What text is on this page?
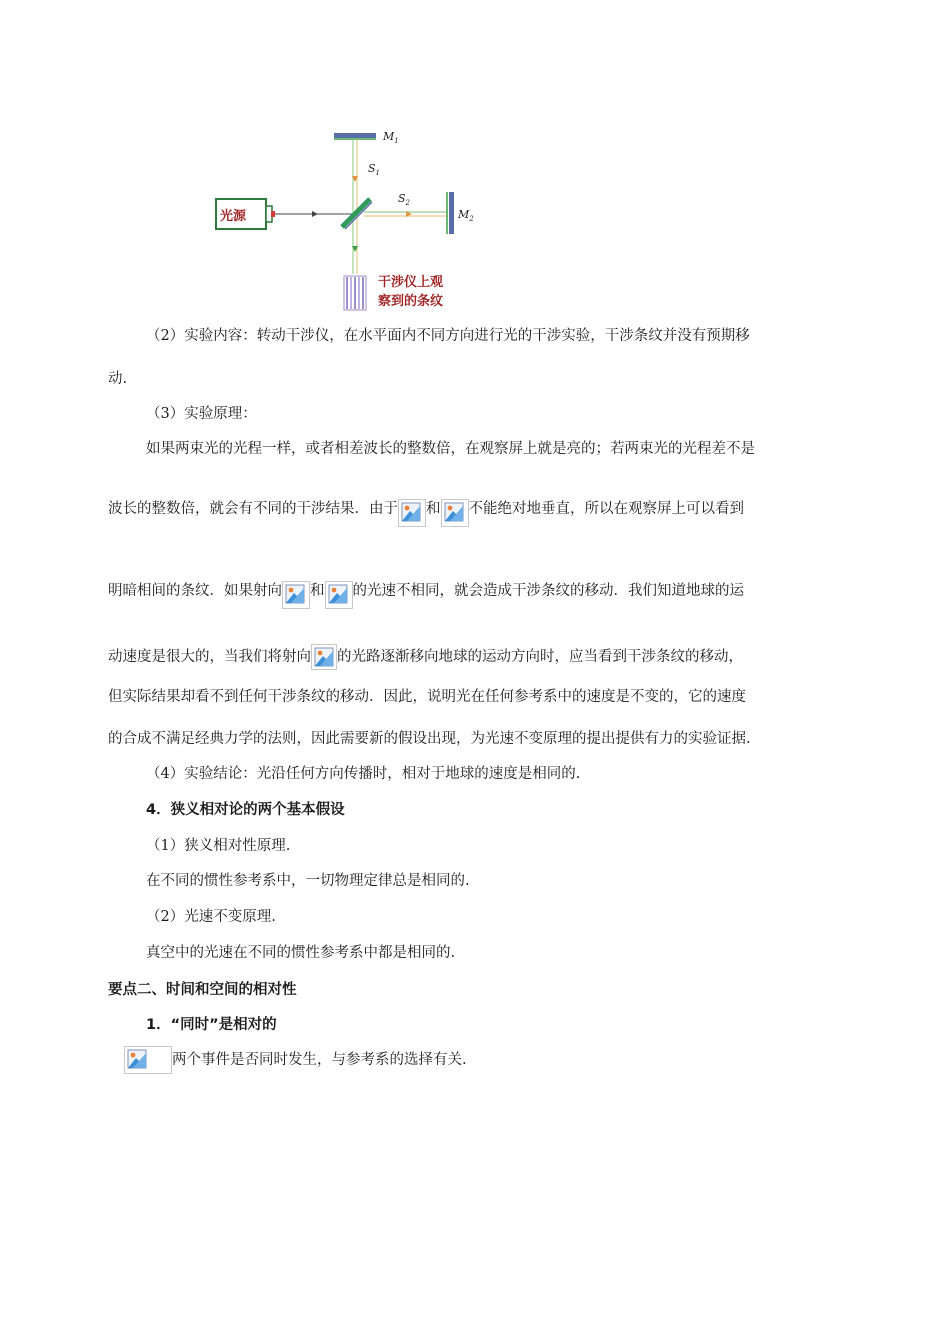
$M_1$
$S_1$
$S_2$
$M_2$
光源
干涉仪上观
察到的条纹
（2）实验内容：转动干涉仪，在水平面内不同方向进行光的干涉实验，干涉条纹并没有预期移
动.
（3）实验原理：
如果两束光的光程一样，或者相差波长的整数倍，在观察屏上就是亮的；若两束光的光程差不是
波长的整数倍，就会有不同的干涉结果．由于 和 不能绝对地垂直，所以在观察屏上可以看到
明暗相间的条纹．如果射向 和 的光速不相同，就会造成干涉条纹的移动．我们知道地球的运
动速度是很大的，当我们将射向 的光路逐渐移向地球的运动方向时，应当看到干涉条纹的移动，
但实际结果却看不到任何干涉条纹的移动．因此，说明光在任何参考系中的速度是不变的，它的速度
的合成不满足经典力学的法则，因此需要新的假设出现，为光速不变原理的提出提供有力的实验证据.
（4）实验结论：光沿任何方向传播时，相对于地球的速度是相同的.
4．狭义相对论的两个基本假设
（1）狭义相对性原理.
在不同的惯性参考系中，一切物理定律总是相同的.
（2）光速不变原理.
真空中的光速在不同的惯性参考系中都是相同的.
要点二、时间和空间的相对性
1．“同时”是相对的
两个事件是否同时发生，与参考系的选择有关.
